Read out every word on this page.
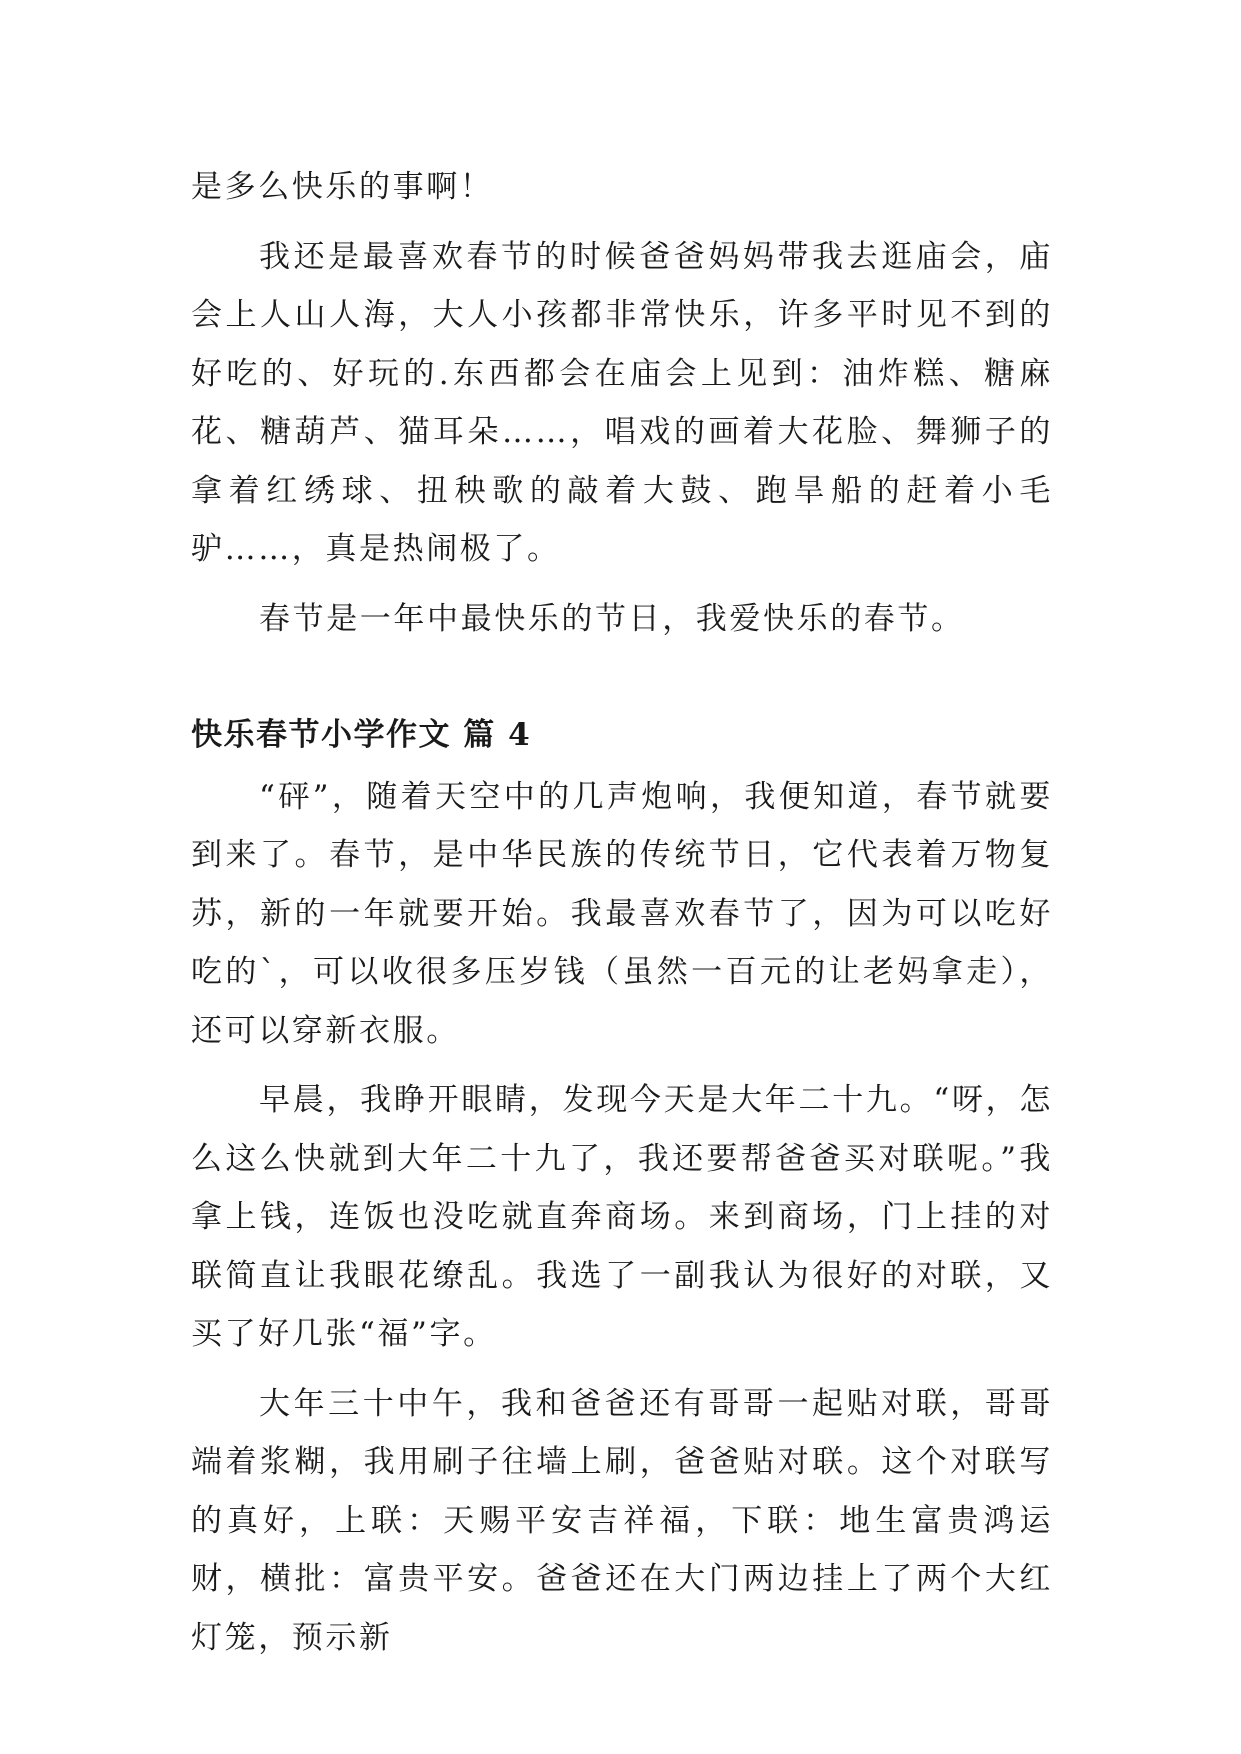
是多么快乐的事啊！

我还是最喜欢春节的时候爸爸妈妈带我去逛庙会，庙会上人山人海，大人小孩都非常快乐，许多平时见不到的好吃的、好玩的.东西都会在庙会上见到：油炸糕、糖麻花、糖葫芦、猫耳朵……，唱戏的画着大花脸、舞狮子的拿着红绣球、扭秧歌的敲着大鼓、跑旱船的赶着小毛驴……，真是热闹极了。

春节是一年中最快乐的节日，我爱快乐的春节。

快乐春节小学作文 篇 4

“砰”，随着天空中的几声炮响，我便知道，春节就要到来了。春节，是中华民族的传统节日，它代表着万物复苏，新的一年就要开始。我最喜欢春节了，因为可以吃好吃的`，可以收很多压岁钱（虽然一百元的让老妈拿走），还可以穿新衣服。

早晨，我睁开眼睛，发现今天是大年二十九。“呀，怎么这么快就到大年二十九了，我还要帮爸爸买对联呢。”我拿上钱，连饭也没吃就直奔商场。来到商场，门上挂的对联简直让我眼花缭乱。我选了一副我认为很好的对联，又买了好几张“福”字。

大年三十中午，我和爸爸还有哥哥一起贴对联，哥哥端着浆糊，我用刷子往墙上刷，爸爸贴对联。这个对联写的真好，上联：天赐平安吉祥福，下联：地生富贵鸿运财，横批：富贵平安。爸爸还在大门两边挂上了两个大红灯笼，预示新
